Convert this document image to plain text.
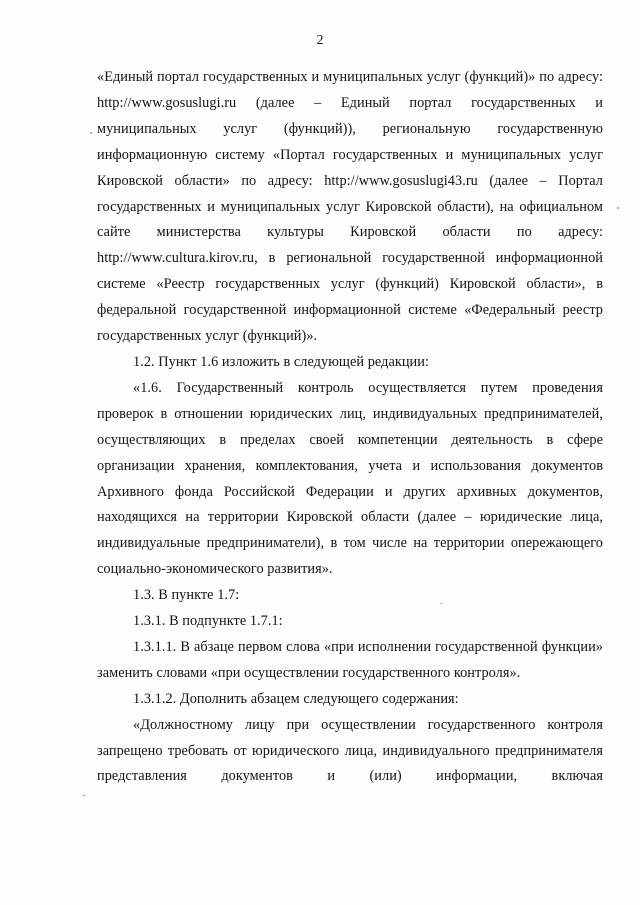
2

«Единый портал государственных и муниципальных услуг (функций)» по адресу: http://www.gosuslugi.ru (далее – Единый портал государственных и муниципальных услуг (функций)), региональную государственную информационную систему «Портал государственных и муниципальных услуг Кировской области» по адресу: http://www.gosuslugi43.ru (далее – Портал государственных и муниципальных услуг Кировской области), на официальном сайте министерства культуры Кировской области по адресу: http://www.cultura.kirov.ru, в региональной государственной информационной системе «Реестр государственных услуг (функций) Кировской области», в федеральной государственной информационной системе «Федеральный реестр государственных услуг (функций)».

1.2. Пункт 1.6 изложить в следующей редакции:

«1.6. Государственный контроль осуществляется путем проведения проверок в отношении юридических лиц, индивидуальных предпринимателей, осуществляющих в пределах своей компетенции деятельность в сфере организации хранения, комплектования, учета и использования документов Архивного фонда Российской Федерации и других архивных документов, находящихся на территории Кировской области (далее – юридические лица, индивидуальные предприниматели), в том числе на территории опережающего социально-экономического развития».

1.3. В пункте 1.7:

1.3.1. В подпункте 1.7.1:

1.3.1.1. В абзаце первом слова «при исполнении государственной функции» заменить словами «при осуществлении государственного контроля».

1.3.1.2. Дополнить абзацем следующего содержания:

«Должностному лицу при осуществлении государственного контроля запрещено требовать от юридического лица, индивидуального предпринимателя представления документов и (или) информации, включая
